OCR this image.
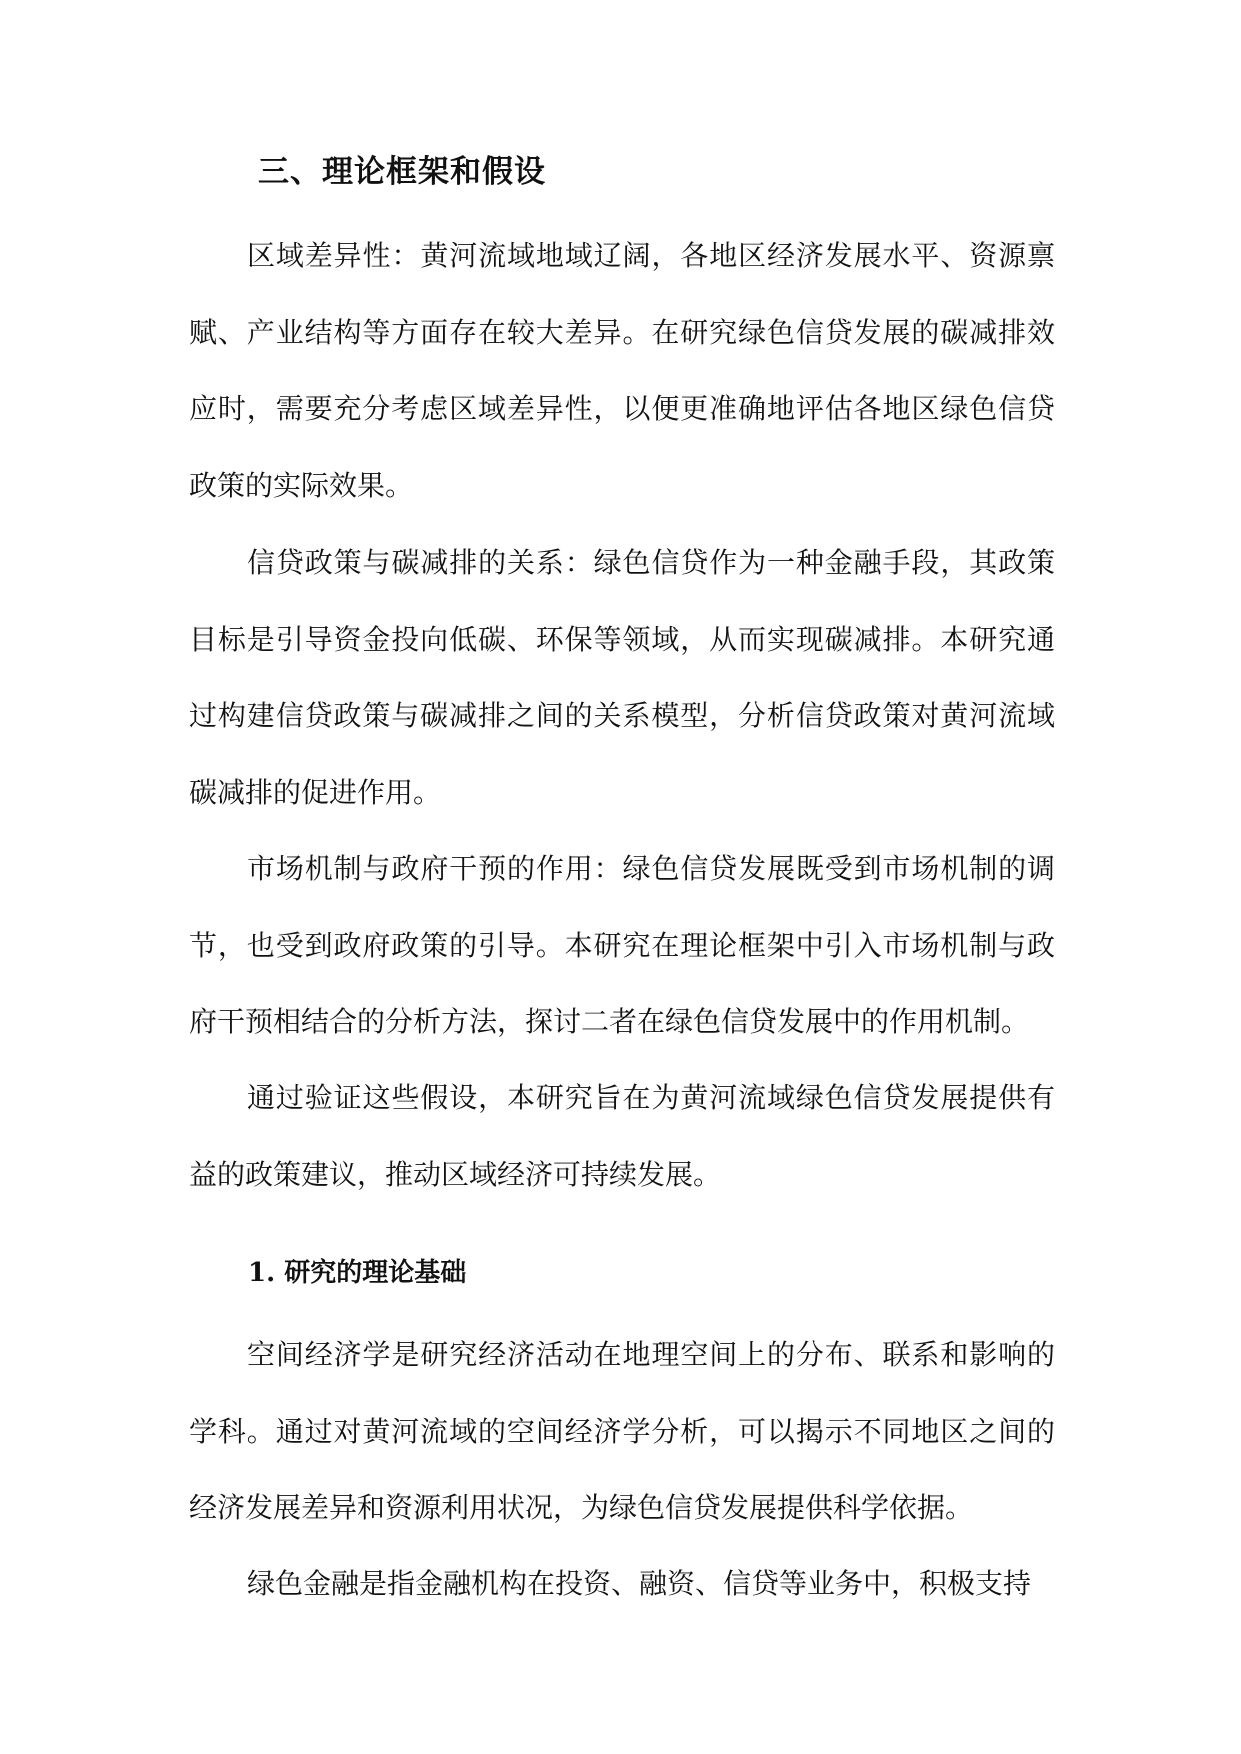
三、理论框架和假设

区域差异性：黄河流域地域辽阔，各地区经济发展水平、资源禀赋、产业结构等方面存在较大差异。在研究绿色信贷发展的碳减排效应时，需要充分考虑区域差异性，以便更准确地评估各地区绿色信贷政策的实际效果。

信贷政策与碳减排的关系：绿色信贷作为一种金融手段，其政策目标是引导资金投向低碳、环保等领域，从而实现碳减排。本研究通过构建信贷政策与碳减排之间的关系模型，分析信贷政策对黄河流域碳减排的促进作用。

市场机制与政府干预的作用：绿色信贷发展既受到市场机制的调节，也受到政府政策的引导。本研究在理论框架中引入市场机制与政府干预相结合的分析方法，探讨二者在绿色信贷发展中的作用机制。

通过验证这些假设，本研究旨在为黄河流域绿色信贷发展提供有益的政策建议，推动区域经济可持续发展。

1. 研究的理论基础

空间经济学是研究经济活动在地理空间上的分布、联系和影响的学科。通过对黄河流域的空间经济学分析，可以揭示不同地区之间的经济发展差异和资源利用状况，为绿色信贷发展提供科学依据。

绿色金融是指金融机构在投资、融资、信贷等业务中，积极支持
